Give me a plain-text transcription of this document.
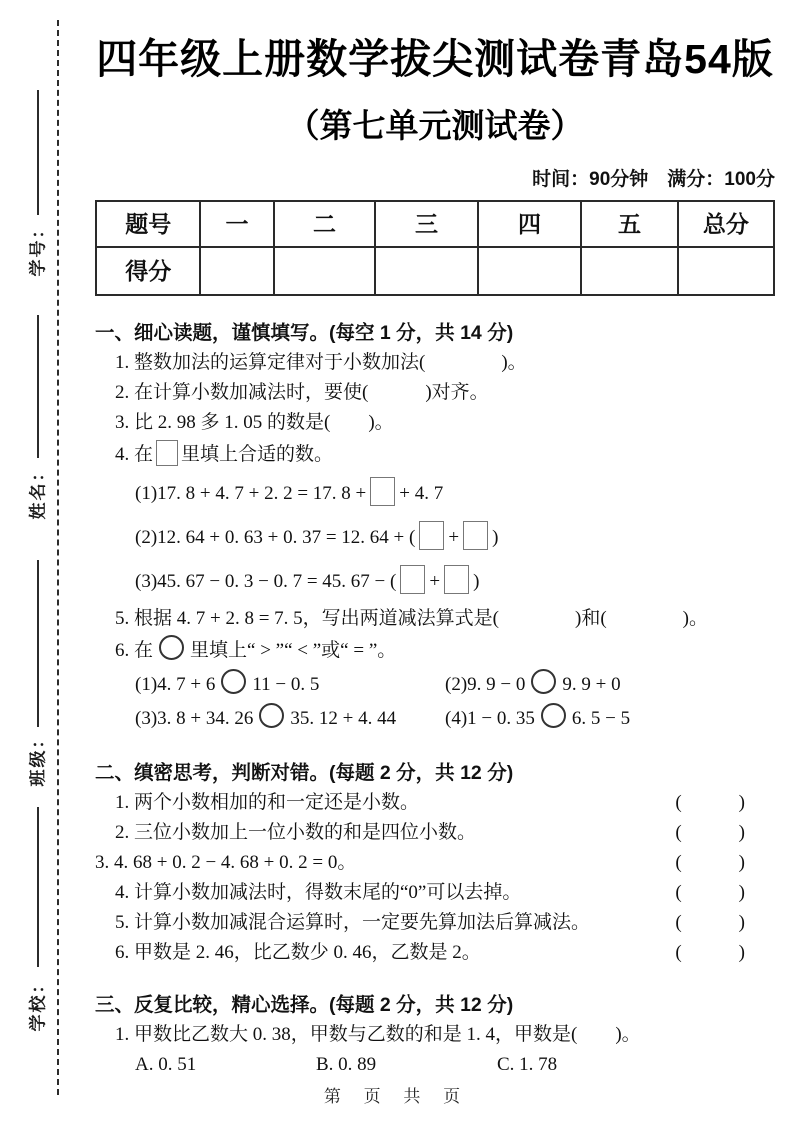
学号：
姓名：
班级：
学校：
四年级上册数学拔尖测试卷青岛54版
（第七单元测试卷）
时间：90分钟　满分：100分
题号	一	二	三	四	五	总分
得分						
一、细心读题，谨慎填写。(每空 1 分，共 14 分)
1. 整数加法的运算定律对于小数加法(　　　　)。
2. 在计算小数加减法时，要使(　　　)对齐。
3. 比 2. 98 多 1. 05 的数是(　　)。
4. 在 里填上合适的数。
(1)17. 8 + 4. 7 + 2. 2 = 17. 8 + + 4. 7
(2)12. 64 + 0. 63 + 0. 37 = 12. 64 + ( + )
(3)45. 67 − 0. 3 − 0. 7 = 45. 67 − ( + )
5. 根据 4. 7 + 2. 8 = 7. 5，写出两道减法算式是(　　　　)和(　　　　)。
6. 在 里填上“ > ”“ < ”或“ = ”。
(1)4. 7 + 6 11 − 0. 5	(2)9. 9 − 0 9. 9 + 0
(3)3. 8 + 34. 26 35. 12 + 4. 44	(4)1 − 0. 35 6. 5 − 5
二、缜密思考，判断对错。(每题 2 分，共 12 分)
1. 两个小数相加的和一定还是小数。	(　　　)
2. 三位小数加上一位小数的和是四位小数。	(　　　)
3. 4. 68 + 0. 2 − 4. 68 + 0. 2 = 0。	(　　　)
4. 计算小数加减法时，得数末尾的“0”可以去掉。	(　　　)
5. 计算小数加减混合运算时，一定要先算加法后算减法。	(　　　)
6. 甲数是 2. 46，比乙数少 0. 46，乙数是 2。	(　　　)
三、反复比较，精心选择。(每题 2 分，共 12 分)
1. 甲数比乙数大 0. 38，甲数与乙数的和是 1. 4，甲数是(　　)。
A. 0. 51	B. 0. 89	C. 1. 78
第 页 共 页
